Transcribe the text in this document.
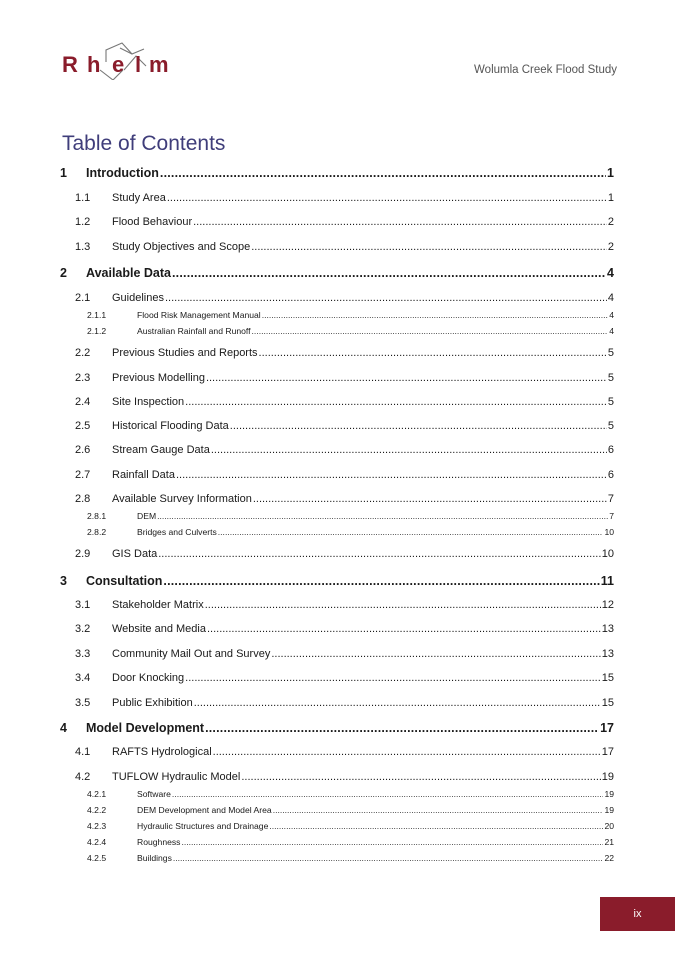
R h e l m	Wolumla Creek Flood Study
Table of Contents
1	Introduction .....	1
1.1	Study Area .....	1
1.2	Flood Behaviour .....	2
1.3	Study Objectives and Scope .....	2
2	Available Data .....	4
2.1	Guidelines .....	4
2.1.1	Flood Risk Management Manual .....	4
2.1.2	Australian Rainfall and Runoff .....	4
2.2	Previous Studies and Reports .....	5
2.3	Previous Modelling .....	5
2.4	Site Inspection .....	5
2.5	Historical Flooding Data .....	5
2.6	Stream Gauge Data .....	6
2.7	Rainfall Data .....	6
2.8	Available Survey Information .....	7
2.8.1	DEM .....	7
2.8.2	Bridges and Culverts .....	10
2.9	GIS Data .....	10
3	Consultation .....	11
3.1	Stakeholder Matrix .....	12
3.2	Website and Media .....	13
3.3	Community Mail Out and Survey .....	13
3.4	Door Knocking .....	15
3.5	Public Exhibition .....	15
4	Model Development .....	17
4.1	RAFTS Hydrological .....	17
4.2	TUFLOW Hydraulic Model .....	19
4.2.1	Software .....	19
4.2.2	DEM Development and Model Area .....	19
4.2.3	Hydraulic Structures and Drainage .....	20
4.2.4	Roughness .....	21
4.2.5	Buildings .....	22
ix
